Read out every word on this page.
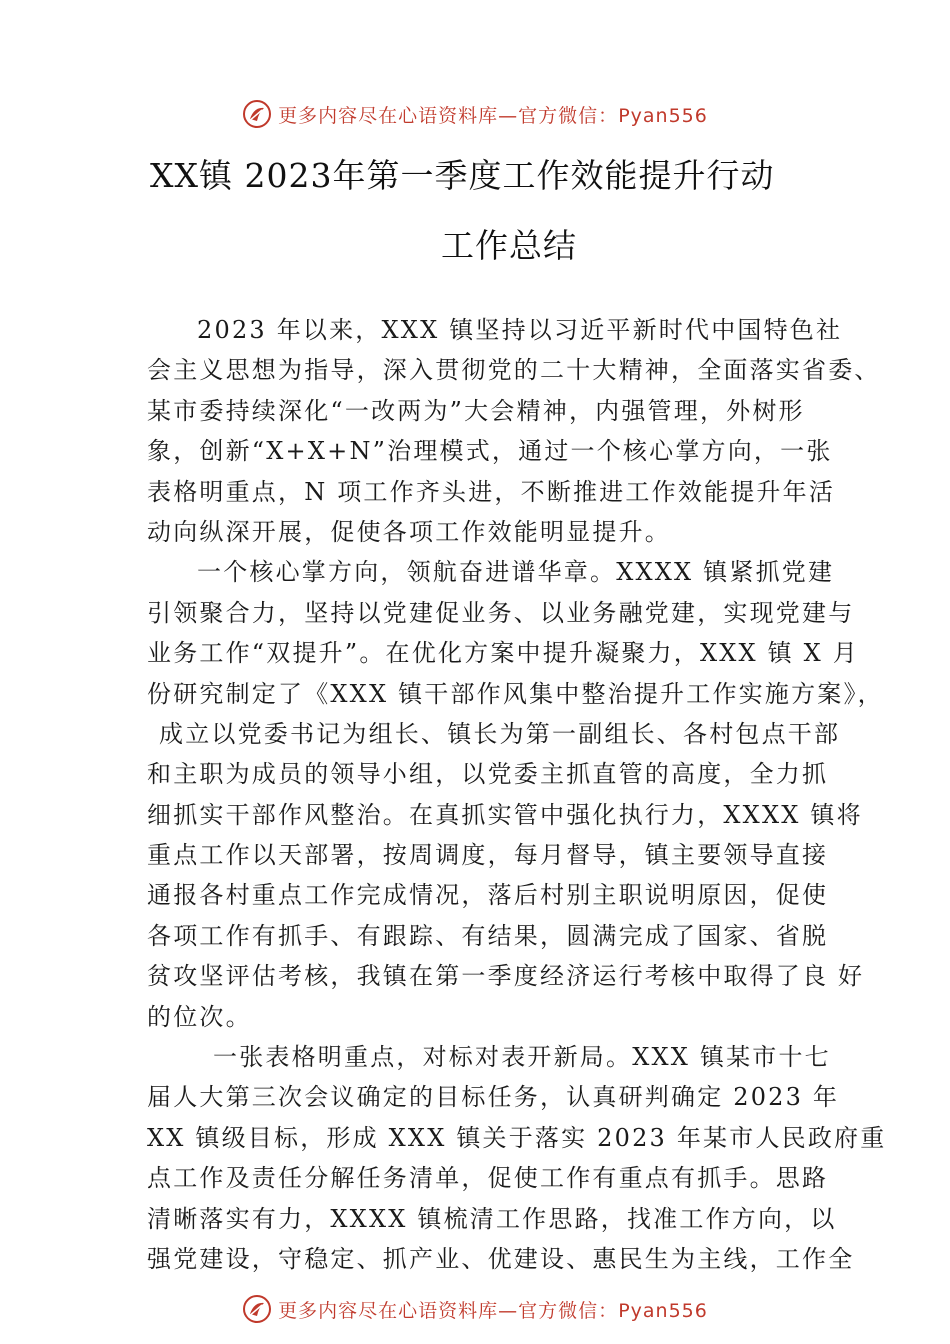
更多内容尽在心语资料库—官方微信：Pyan556
XX镇 2023年第一季度工作效能提升行动
工作总结
2023 年以来，XXX 镇坚持以习近平新时代中国特色社
会主义思想为指导，深入贯彻党的二十大精神，全面落实省委、
某市委持续深化“一改两为”大会精神，内强管理，外树形
象，创新“X+X+N”治理模式，通过一个核心掌方向，一张
表格明重点，N 项工作齐头进，不断推进工作效能提升年活
动向纵深开展，促使各项工作效能明显提升。
一个核心掌方向，领航奋进谱华章。XXXX 镇紧抓党建
引领聚合力，坚持以党建促业务、以业务融党建，实现党建与
业务工作“双提升”。在优化方案中提升凝聚力，XXX 镇 X 月
份研究制定了《XXX 镇干部作风集中整治提升工作实施方案》，
成立以党委书记为组长、镇长为第一副组长、各村包点干部
和主职为成员的领导小组，以党委主抓直管的高度，全力抓
细抓实干部作风整治。在真抓实管中强化执行力，XXXX 镇将
重点工作以天部署，按周调度，每月督导，镇主要领导直接
通报各村重点工作完成情况，落后村别主职说明原因，促使
各项工作有抓手、有跟踪、有结果，圆满完成了国家、省脱
贫攻坚评估考核，我镇在第一季度经济运行考核中取得了良 好
的位次。
一张表格明重点，对标对表开新局。XXX 镇某市十七
届人大第三次会议确定的目标任务，认真研判确定 2023 年
XX 镇级目标，形成 XXX 镇关于落实 2023 年某市人民政府重
点工作及责任分解任务清单，促使工作有重点有抓手。思路
清晰落实有力，XXXX 镇梳清工作思路，找准工作方向，以
强党建设，守稳定、抓产业、优建设、惠民生为主线，工作全
更多内容尽在心语资料库—官方微信：Pyan556
